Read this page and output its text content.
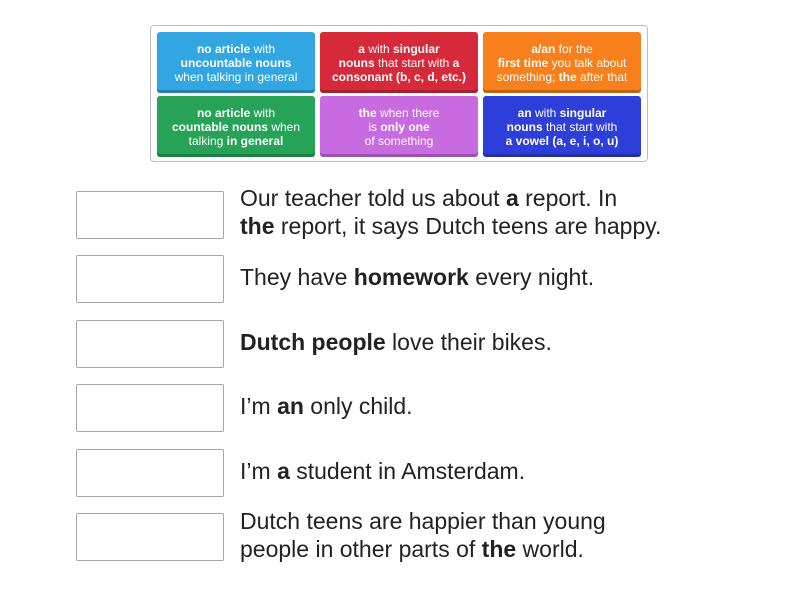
no article with
uncountable nouns
when talking in general
a with singular
nouns that start with a
consonant (b, c, d, etc.)
a/an for the
first time you talk about
something; the after that
no article with
countable nouns when
talking in general
the when there
is only one
of something
an with singular
nouns that start with
a vowel (a, e, i, o, u)
Our teacher told us about a report. In
the report, it says Dutch teens are happy.
They have homework every night.
Dutch people love their bikes.
I’m an only child.
I’m a student in Amsterdam.
Dutch teens are happier than young
people in other parts of the world.
